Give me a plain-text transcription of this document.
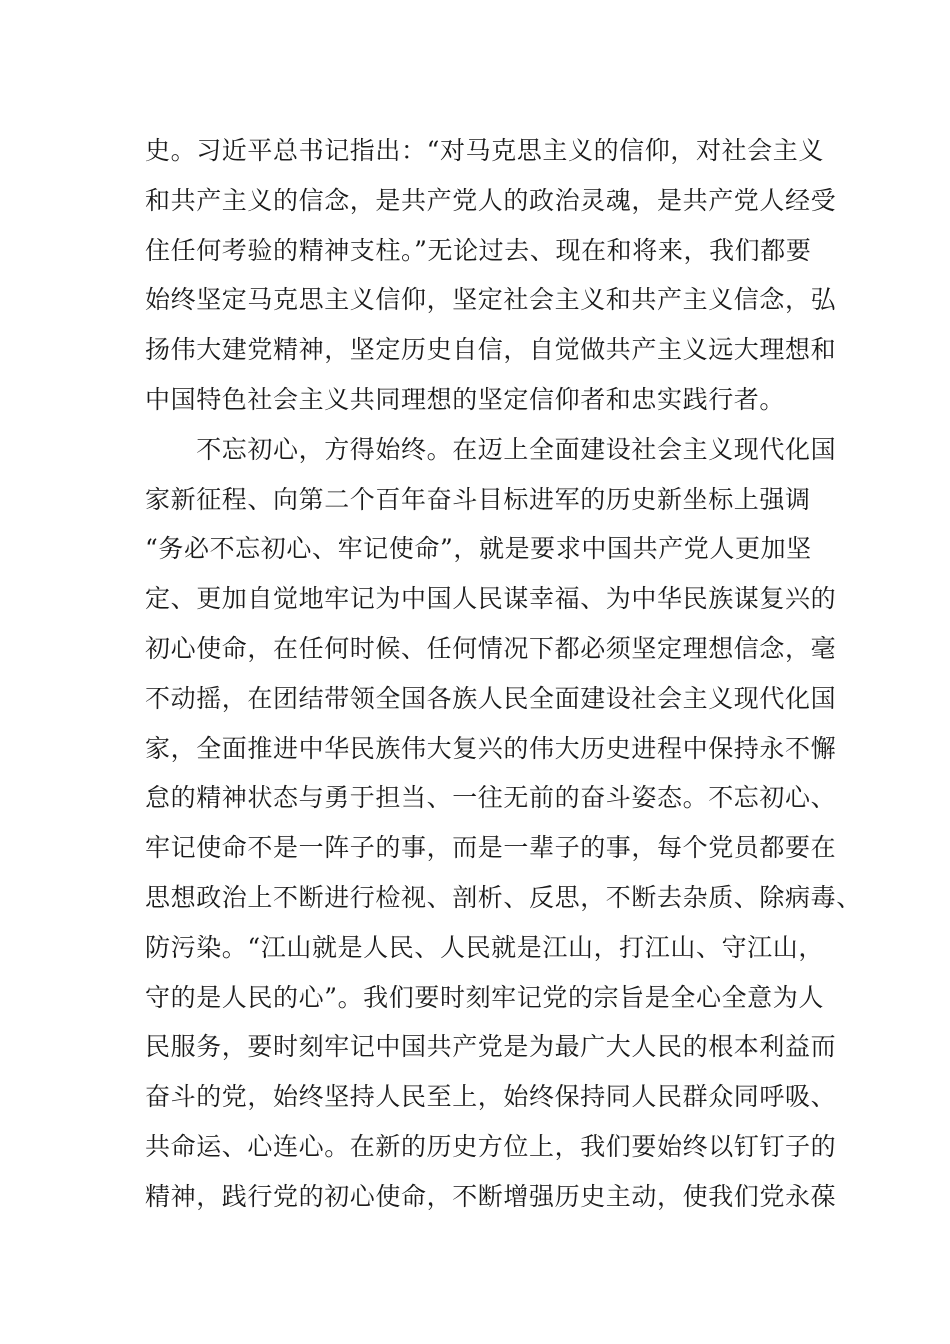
史。习近平总书记指出：“对马克思主义的信仰，对社会主义
和共产主义的信念，是共产党人的政治灵魂，是共产党人经受
住任何考验的精神支柱。”无论过去、现在和将来，我们都要
始终坚定马克思主义信仰，坚定社会主义和共产主义信念，弘
扬伟大建党精神，坚定历史自信，自觉做共产主义远大理想和
中国特色社会主义共同理想的坚定信仰者和忠实践行者。
　　不忘初心，方得始终。在迈上全面建设社会主义现代化国
家新征程、向第二个百年奋斗目标进军的历史新坐标上强调
“务必不忘初心、牢记使命”，就是要求中国共产党人更加坚
定、更加自觉地牢记为中国人民谋幸福、为中华民族谋复兴的
初心使命，在任何时候、任何情况下都必须坚定理想信念，毫
不动摇，在团结带领全国各族人民全面建设社会主义现代化国
家，全面推进中华民族伟大复兴的伟大历史进程中保持永不懈
怠的精神状态与勇于担当、一往无前的奋斗姿态。不忘初心、
牢记使命不是一阵子的事，而是一辈子的事，每个党员都要在
思想政治上不断进行检视、剖析、反思，不断去杂质、除病毒、
防污染。“江山就是人民、人民就是江山，打江山、守江山，
守的是人民的心”。我们要时刻牢记党的宗旨是全心全意为人
民服务，要时刻牢记中国共产党是为最广大人民的根本利益而
奋斗的党，始终坚持人民至上，始终保持同人民群众同呼吸、
共命运、心连心。在新的历史方位上，我们要始终以钉钉子的
精神，践行党的初心使命，不断增强历史主动，使我们党永葆
